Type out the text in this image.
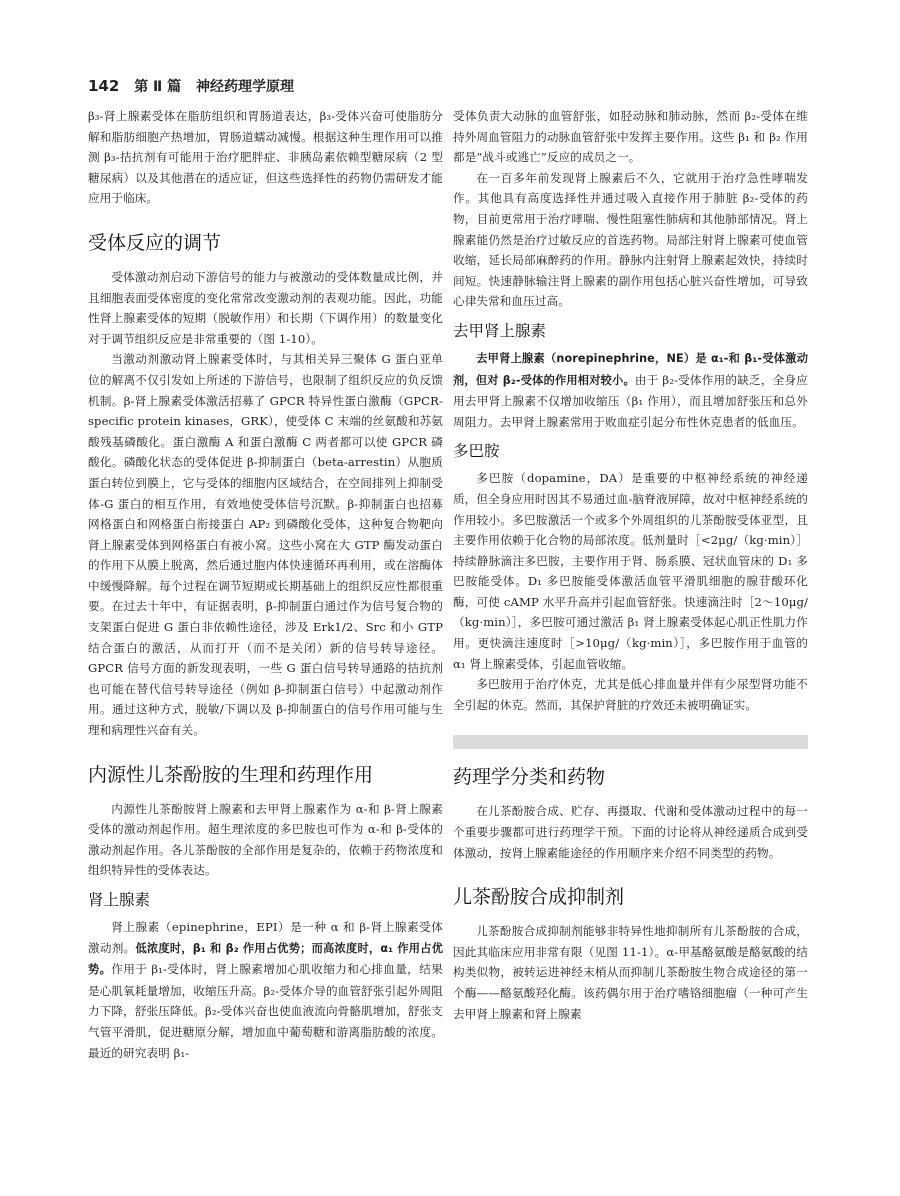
142 第 Ⅱ 篇 神经药理学原理

β₃-肾上腺素受体在脂肪组织和胃肠道表达，β₃-受体兴奋可使脂肪分解和脂肪细胞产热增加，胃肠道蠕动减慢。根据这种生理作用可以推测 β₃-拮抗剂有可能用于治疗肥胖症、非胰岛素依赖型糖尿病（2 型糖尿病）以及其他潜在的适应证，但这些选择性的药物仍需研发才能应用于临床。

受体反应的调节

受体激动剂启动下游信号的能力与被激动的受体数量成比例，并且细胞表面受体密度的变化常常改变激动剂的表观功能。因此，功能性肾上腺素受体的短期（脱敏作用）和长期（下调作用）的数量变化对于调节组织反应是非常重要的（图 1-10）。

当激动剂激动肾上腺素受体时，与其相关异三聚体 G 蛋白亚单位的解离不仅引发如上所述的下游信号，也限制了组织反应的负反馈机制。β-肾上腺素受体激活招募了 GPCR 特异性蛋白激酶（GPCR-specific protein kinases，GRK），使受体 C 末端的丝氨酸和苏氨酸残基磷酸化。蛋白激酶 A 和蛋白激酶 C 两者都可以使 GPCR 磷酸化。磷酸化状态的受体促进 β-抑制蛋白（beta-arrestin）从胞质蛋白转位到膜上，它与受体的细胞内区域结合，在空间排列上抑制受体-G 蛋白的相互作用，有效地使受体信号沉默。β-抑制蛋白也招募网格蛋白和网格蛋白衔接蛋白 AP₂ 到磷酸化受体，这种复合物靶向肾上腺素受体到网格蛋白有被小窝。这些小窝在大 GTP 酶发动蛋白的作用下从膜上脱离，然后通过胞内体快速循环再利用，或在溶酶体中缓慢降解。每个过程在调节短期或长期基础上的组织反应性都很重要。在过去十年中，有证据表明，β-抑制蛋白通过作为信号复合物的支架蛋白促进 G 蛋白非依赖性途径，涉及 Erk1/2、Src 和小 GTP 结合蛋白的激活，从而打开（而不是关闭）新的信号转导途径。GPCR 信号方面的新发现表明，一些 G 蛋白信号转导通路的拮抗剂也可能在替代信号转导途径（例如 β-抑制蛋白信号）中起激动剂作用。通过这种方式，脱敏/下调以及 β-抑制蛋白的信号作用可能与生理和病理性兴奋有关。

内源性儿茶酚胺的生理和药理作用

内源性儿茶酚胺肾上腺素和去甲肾上腺素作为 α-和 β-肾上腺素受体的激动剂起作用。超生理浓度的多巴胺也可作为 α-和 β-受体的激动剂起作用。各儿茶酚胺的全部作用是复杂的，依赖于药物浓度和组织特异性的受体表达。

肾上腺素

肾上腺素（epinephrine，EPI）是一种 α 和 β-肾上腺素受体激动剂。低浓度时，β₁ 和 β₂ 作用占优势；而高浓度时，α₁ 作用占优势。作用于 β₁-受体时，肾上腺素增加心肌收缩力和心排血量，结果是心肌氧耗量增加，收缩压升高。β₂-受体介导的血管舒张引起外周阻力下降，舒张压降低。β₂-受体兴奋也使血液流向骨骼肌增加，舒张支气管平滑肌，促进糖原分解，增加血中葡萄糖和游离脂肪酸的浓度。最近的研究表明 β₁-

受体负责大动脉的血管舒张，如胫动脉和肺动脉，然而 β₂-受体在维持外周血管阻力的动脉血管舒张中发挥主要作用。这些 β₁ 和 β₂ 作用都是“战斗或逃亡”反应的成员之一。

在一百多年前发现肾上腺素后不久，它就用于治疗急性哮喘发作。其他具有高度选择性并通过吸入直接作用于肺脏 β₂-受体的药物，目前更常用于治疗哮喘、慢性阻塞性肺病和其他肺部情况。肾上腺素能仍然是治疗过敏反应的首选药物。局部注射肾上腺素可使血管收缩，延长局部麻醉药的作用。静脉内注射肾上腺素起效快，持续时间短。快速静脉输注肾上腺素的副作用包括心脏兴奋性增加，可导致心律失常和血压过高。

去甲肾上腺素

去甲肾上腺素（norepinephrine，NE）是 α₁-和 β₁-受体激动剂，但对 β₂-受体的作用相对较小。由于 β₂-受体作用的缺乏，全身应用去甲肾上腺素不仅增加收缩压（β₁ 作用），而且增加舒张压和总外周阻力。去甲肾上腺素常用于败血症引起分布性休克患者的低血压。

多巴胺

多巴胺（dopamine，DA）是重要的中枢神经系统的神经递质，但全身应用时因其不易通过血-脑脊液屏障，故对中枢神经系统的作用较小。多巴胺激活一个或多个外周组织的儿茶酚胺受体亚型，且主要作用依赖于化合物的局部浓度。低剂量时［<2μg/（kg·min）］持续静脉滴注多巴胺，主要作用于肾、肠系膜、冠状血管床的 D₁ 多巴胺能受体。D₁ 多巴胺能受体激活血管平滑肌细胞的腺苷酸环化酶，可使 cAMP 水平升高并引起血管舒张。快速滴注时［2～10μg/（kg·min）］，多巴胺可通过激活 β₁ 肾上腺素受体起心肌正性肌力作用。更快滴注速度时［>10μg/（kg·min）］，多巴胺作用于血管的 α₁ 肾上腺素受体，引起血管收缩。

多巴胺用于治疗休克，尤其是低心排血量并伴有少尿型肾功能不全引起的休克。然而，其保护肾脏的疗效还未被明确证实。

药理学分类和药物

在儿茶酚胺合成、贮存、再摄取、代谢和受体激动过程中的每一个重要步骤都可进行药理学干预。下面的讨论将从神经递质合成到受体激动，按肾上腺素能途径的作用顺序来介绍不同类型的药物。

儿茶酚胺合成抑制剂

儿茶酚胺合成抑制剂能够非特异性地抑制所有儿茶酚胺的合成，因此其临床应用非常有限（见图 11-1）。α-甲基酪氨酸是酪氨酸的结构类似物，被转运进神经末梢从而抑制儿茶酚胺生物合成途径的第一个酶——酪氨酸羟化酶。该药偶尔用于治疗嗜铬细胞瘤（一种可产生去甲肾上腺素和肾上腺素
